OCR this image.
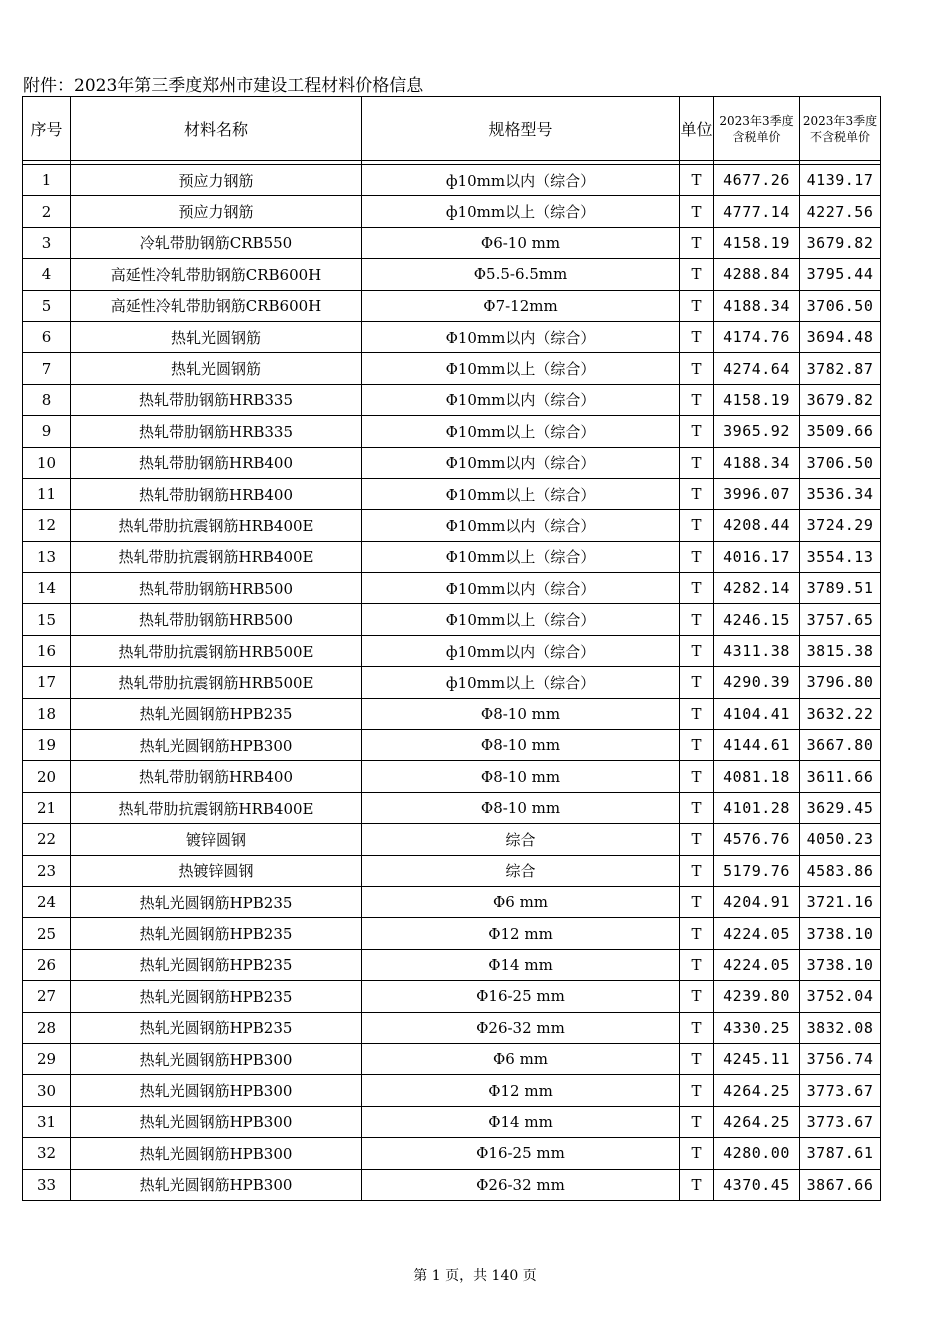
附件：2023年第三季度郑州市建设工程材料价格信息
序号	材料名称	规格型号	单位	2023年3季度含税单价	2023年3季度 不含税单价

1	预应力钢筋	ф10mm以内（综合）	T	4677.26	4139.17
2	预应力钢筋	ф10mm以上（综合）	T	4777.14	4227.56
3	冷轧带肋钢筋CRB550	Φ6-10 mm	T	4158.19	3679.82
4	高延性冷轧带肋钢筋CRB600H	Φ5.5-6.5mm	T	4288.84	3795.44
5	高延性冷轧带肋钢筋CRB600H	Φ7-12mm	T	4188.34	3706.50
6	热轧光圆钢筋	Φ10mm以内（综合）	T	4174.76	3694.48
7	热轧光圆钢筋	Φ10mm以上（综合）	T	4274.64	3782.87
8	热轧带肋钢筋HRB335	Φ10mm以内（综合）	T	4158.19	3679.82
9	热轧带肋钢筋HRB335	Φ10mm以上（综合）	T	3965.92	3509.66
10	热轧带肋钢筋HRB400	Φ10mm以内（综合）	T	4188.34	3706.50
11	热轧带肋钢筋HRB400	Φ10mm以上（综合）	T	3996.07	3536.34
12	热轧带肋抗震钢筋HRB400E	Φ10mm以内（综合）	T	4208.44	3724.29
13	热轧带肋抗震钢筋HRB400E	Φ10mm以上（综合）	T	4016.17	3554.13
14	热轧带肋钢筋HRB500	Φ10mm以内（综合）	T	4282.14	3789.51
15	热轧带肋钢筋HRB500	Φ10mm以上（综合）	T	4246.15	3757.65
16	热轧带肋抗震钢筋HRB500E	ф10mm以内（综合）	T	4311.38	3815.38
17	热轧带肋抗震钢筋HRB500E	ф10mm以上（综合）	T	4290.39	3796.80
18	热轧光圆钢筋HPB235	Φ8-10 mm	T	4104.41	3632.22
19	热轧光圆钢筋HPB300	Φ8-10 mm	T	4144.61	3667.80
20	热轧带肋钢筋HRB400	Φ8-10 mm	T	4081.18	3611.66
21	热轧带肋抗震钢筋HRB400E	Φ8-10 mm	T	4101.28	3629.45
22	镀锌圆钢	综合	T	4576.76	4050.23
23	热镀锌圆钢	综合	T	5179.76	4583.86
24	热轧光圆钢筋HPB235	Φ6 mm	T	4204.91	3721.16
25	热轧光圆钢筋HPB235	Φ12 mm	T	4224.05	3738.10
26	热轧光圆钢筋HPB235	Φ14 mm	T	4224.05	3738.10
27	热轧光圆钢筋HPB235	Φ16-25 mm	T	4239.80	3752.04
28	热轧光圆钢筋HPB235	Φ26-32 mm	T	4330.25	3832.08
29	热轧光圆钢筋HPB300	Φ6 mm	T	4245.11	3756.74
30	热轧光圆钢筋HPB300	Φ12 mm	T	4264.25	3773.67
31	热轧光圆钢筋HPB300	Φ14 mm	T	4264.25	3773.67
32	热轧光圆钢筋HPB300	Φ16-25 mm	T	4280.00	3787.61
33	热轧光圆钢筋HPB300	Φ26-32 mm	T	4370.45	3867.66
第 1 页，共 140 页
